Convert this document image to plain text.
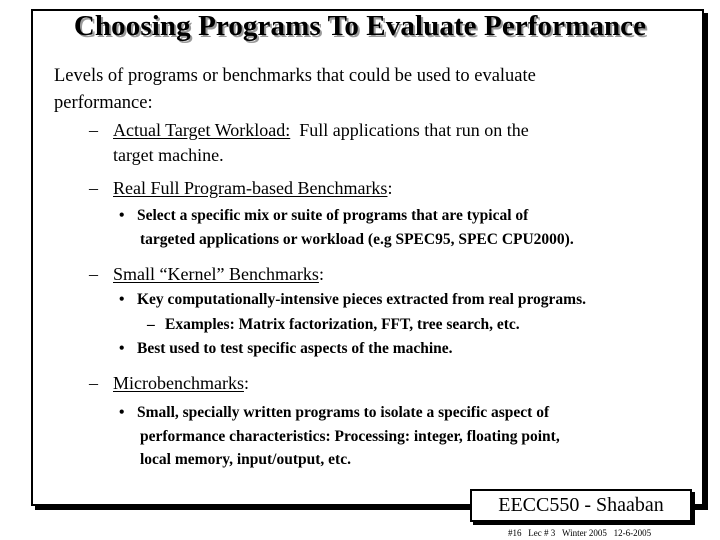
Choosing Programs To Evaluate Performance
Levels of programs or benchmarks that could be used to evaluate
performance:
– Actual Target Workload:  Full applications that run on the
target machine.
– Real Full Program-based Benchmarks:
• Select a specific mix or suite of programs that are typical of
targeted applications or workload (e.g SPEC95, SPEC CPU2000).
– Small “Kernel” Benchmarks:
• Key computationally-intensive pieces extracted from real programs.
– Examples: Matrix factorization, FFT, tree search, etc.
• Best used to test specific aspects of the machine.
– Microbenchmarks:
• Small, specially written programs to isolate a specific aspect of
performance characteristics: Processing: integer, floating point,
local memory, input/output, etc.
EECC550 - Shaaban
#16 Lec # 3 Winter 2005 12-6-2005
